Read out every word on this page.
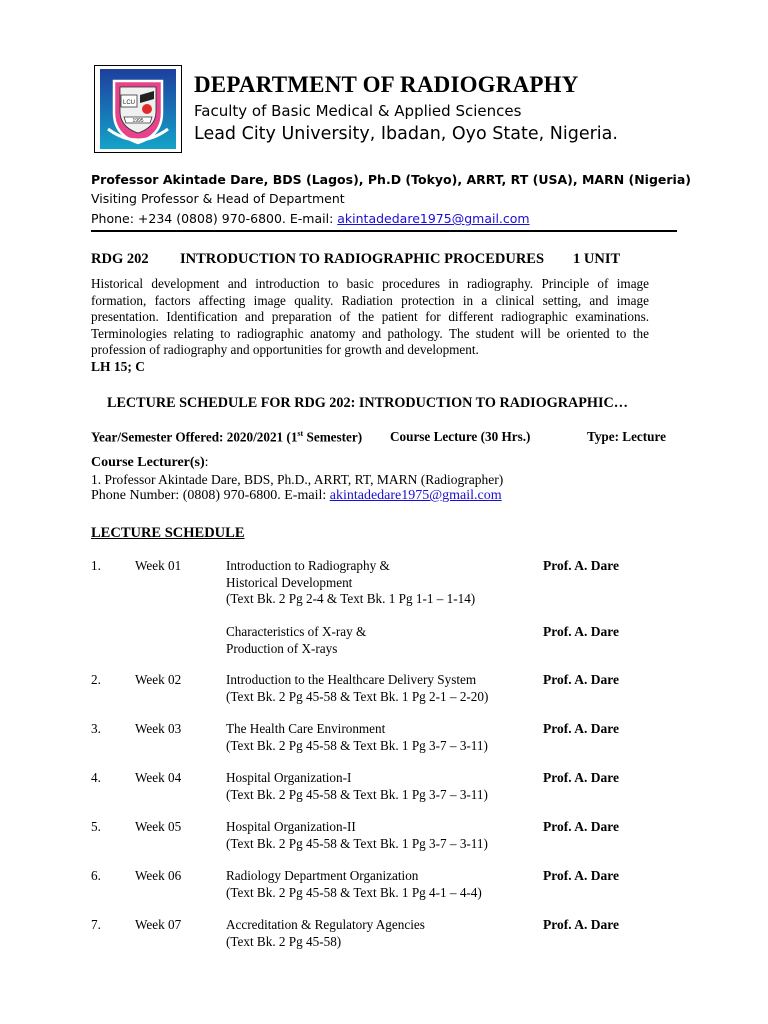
LCU
1995
DEPARTMENT OF RADIOGRAPHY
Faculty of Basic Medical & Applied Sciences
Lead City University, Ibadan, Oyo State, Nigeria.
Professor Akintade Dare, BDS (Lagos), Ph.D (Tokyo), ARRT, RT (USA), MARN (Nigeria)
Visiting Professor & Head of Department
Phone: +234 (0808) 970-6800. E-mail: akintadedare1975@gmail.com
RDG 202 INTRODUCTION TO RADIOGRAPHIC PROCEDURES 1 UNIT
Historical development and introduction to basic procedures in radiography. Principle of image formation, factors affecting image quality. Radiation protection in a clinical setting, and image presentation. Identification and preparation of the patient for different radiographic examinations. Terminologies relating to radiographic anatomy and pathology. The student will be oriented to the profession of radiography and opportunities for growth and development.
LH 15; C
LECTURE SCHEDULE FOR RDG 202: INTRODUCTION TO RADIOGRAPHIC…
Year/Semester Offered: 2020/2021 (1st Semester) Course Lecture (30 Hrs.)	Type: Lecture
Course Lecturer(s):
1. Professor Akintade Dare, BDS, Ph.D., ARRT, RT, MARN (Radiographer)
Phone Number: (0808) 970-6800. E-mail: akintadedare1975@gmail.com
LECTURE SCHEDULE
1.	Week 01	Introduction to Radiography &
Historical Development
(Text Bk. 2 Pg 2-4 & Text Bk. 1 Pg 1-1 – 1-14)
Prof. A. Dare
Characteristics of X-ray &
Production of X-rays
Prof. A. Dare
2.	Week 02	Introduction to the Healthcare Delivery System
(Text Bk. 2 Pg 45-58 & Text Bk. 1 Pg 2-1 – 2-20)
Prof. A. Dare
3.	Week 03	The Health Care Environment
(Text Bk. 2 Pg 45-58 & Text Bk. 1 Pg 3-7 – 3-11)
Prof. A. Dare
4.	Week 04	Hospital Organization-I
(Text Bk. 2 Pg 45-58 & Text Bk. 1 Pg 3-7 – 3-11)
Prof. A. Dare
5.	Week 05	Hospital Organization-II
(Text Bk. 2 Pg 45-58 & Text Bk. 1 Pg 3-7 – 3-11)
Prof. A. Dare
6.	Week 06	Radiology Department Organization
(Text Bk. 2 Pg 45-58 & Text Bk. 1 Pg 4-1 – 4-4)
Prof. A. Dare
7.	Week 07	Accreditation & Regulatory Agencies
(Text Bk. 2 Pg 45-58)
Prof. A. Dare
